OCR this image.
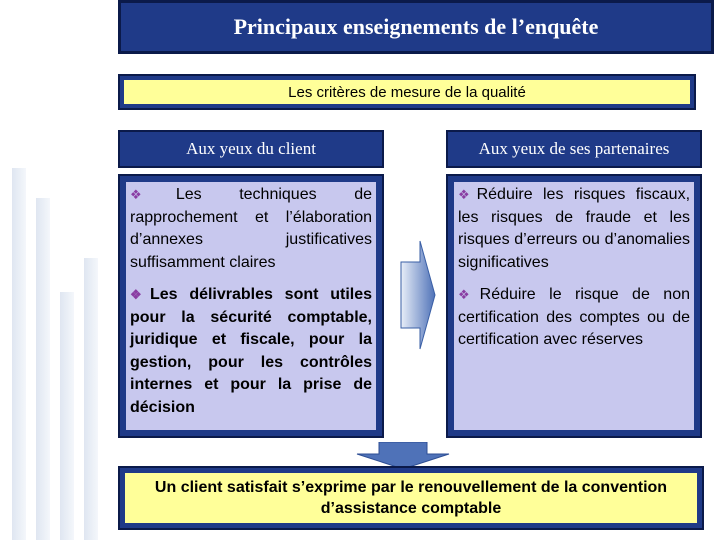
Principaux enseignements de l’enquête
Les critères de mesure de la qualité
Aux yeux du client	Aux yeux de ses partenaires

❖Les techniques de rapprochement et l’élaboration d’annexes justificatives suffisamment claires

❖Les délivrables sont utiles pour la sécurité comptable, juridique et fiscale, pour la gestion, pour les contrôles internes et pour la prise de décision

❖Réduire les risques fiscaux, les risques de fraude et les risques d’erreurs ou d’anomalies significatives

❖Réduire le risque de non certification des comptes ou de certification avec réserves

Un client satisfait s’exprime par le renouvellement de la convention d’assistance comptable
